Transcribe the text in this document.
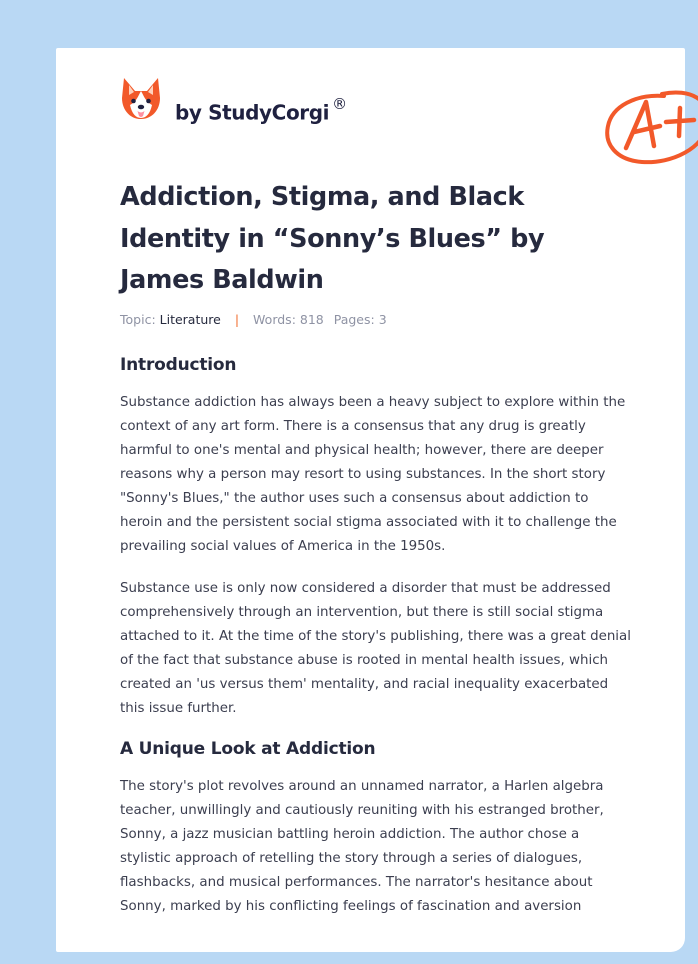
by StudyCorgi ®
Addiction, Stigma, and Black Identity in “Sonny’s Blues” by James Baldwin
Topic: Literature | Words: 818 Pages: 3
Introduction

Substance addiction has always been a heavy subject to explore within the context of any art form. There is a consensus that any drug is greatly harmful to one's mental and physical health; however, there are deeper reasons why a person may resort to using substances. In the short story "Sonny's Blues," the author uses such a consensus about addiction to heroin and the persistent social stigma associated with it to challenge the prevailing social values of America in the 1950s.

Substance use is only now considered a disorder that must be addressed comprehensively through an intervention, but there is still social stigma attached to it. At the time of the story's publishing, there was a great denial of the fact that substance abuse is rooted in mental health issues, which created an 'us versus them' mentality, and racial inequality exacerbated this issue further.

A Unique Look at Addiction

The story's plot revolves around an unnamed narrator, a Harlen algebra teacher, unwillingly and cautiously reuniting with his estranged brother, Sonny, a jazz musician battling heroin addiction. The author chose a stylistic approach of retelling the story through a series of dialogues, flashbacks, and musical performances. The narrator's hesitance about Sonny, marked by his conflicting feelings of fascination and aversion
